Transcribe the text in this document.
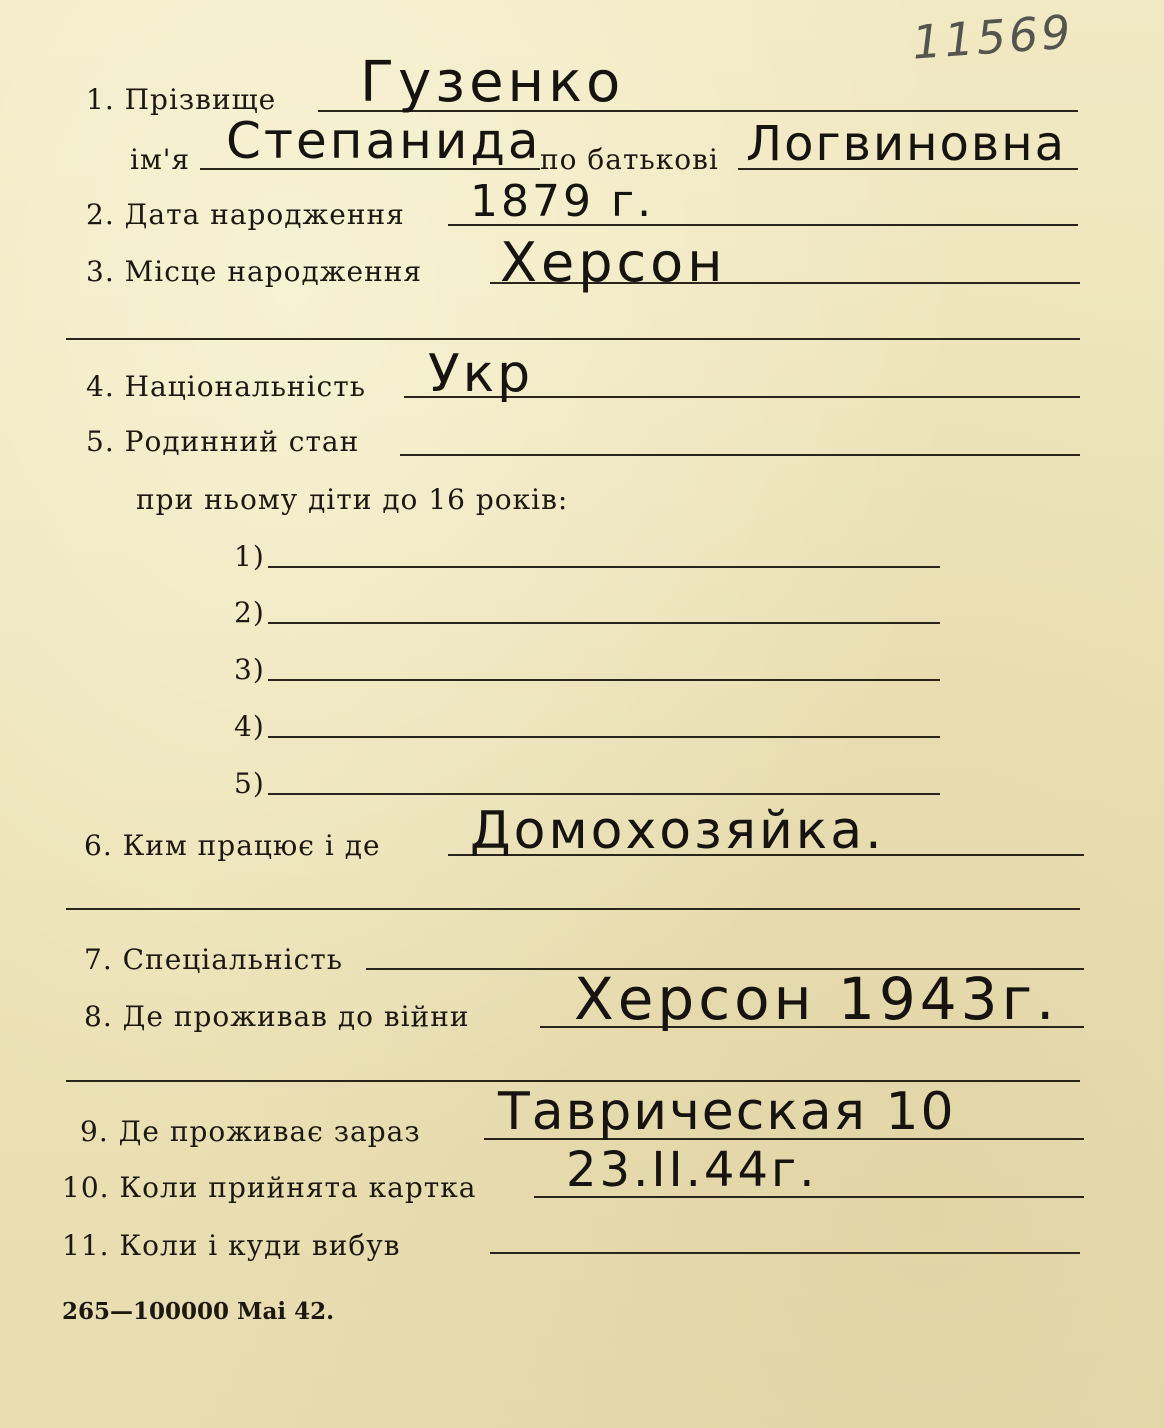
11569
1. Прізвище Гузенко
ім'я Степанида
по батькові Логвиновна
2. Дата народження 1879 г.
3. Місце народження Херсон
4. Національність Укр
5. Родинний стан
при ньому діти до 16 років:
1)
2)
3)
4)
5)
6. Ким працює і де Домохозяйка.
7. Спеціальність
8. Де проживав до війни Херсон 1943г.
9. Де проживає зараз Таврическая 10
10. Коли прийнята картка 23.II.44г.
11. Коли і куди вибув
265—100000 Mai 42.
